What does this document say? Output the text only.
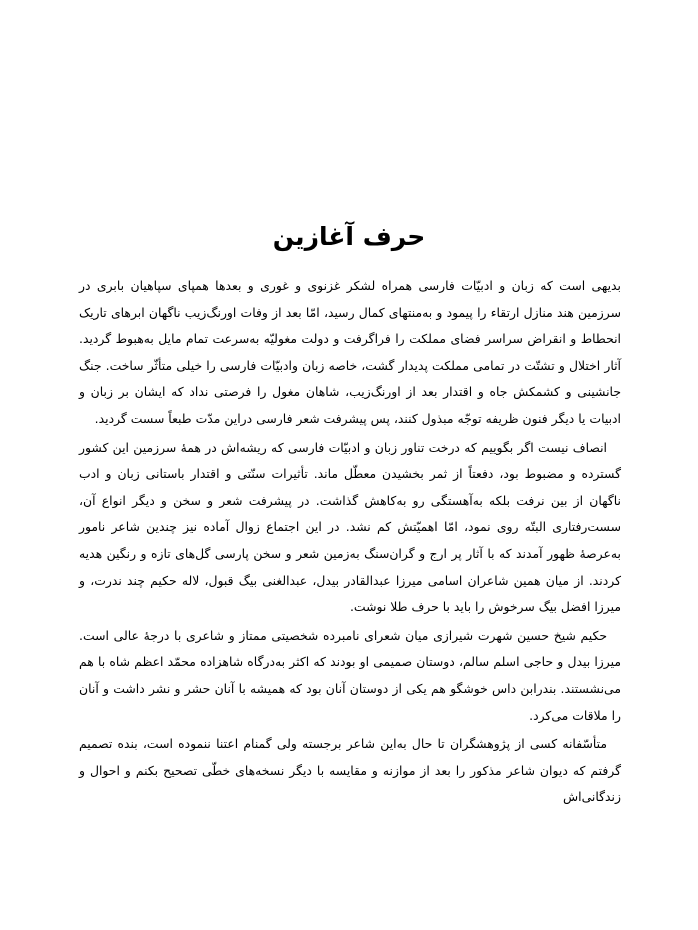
حرف آغازین

بدیهی است که زبان و ادبیّات فارسی همراه لشکر غزنوی و غوری و بعدها همپای سپاهیان بابری در سرزمین هند منازل ارتقاء را پیمود و به‌منتهای کمال رسید، امّا بعد از وفات اورنگ‌زیب ناگهان ابرهای تاریک انحطاط و انقراض سراسر فضای مملکت را فراگرفت و دولت مغولیّه به‌سرعت تمام مایل به‌هبوط گردید. آثار اختلال و تشتّت در تمامی مملکت پدیدار گشت، خاصه زبان وادبیّات فارسی را خیلی متأثّر ساخت. جنگ جانشینی و کشمکش جاه و اقتدار بعد از اورنگ‌زیب، شاهان مغول را فرصتی نداد که ایشان بر زبان و ادبیات یا دیگر فنون ظریفه توجّه مبذول کنند، پس پیشرفت شعر فارسی دراین مدّت طبعاً سست گردید.

انصاف نیست اگر بگوییم که درخت تناور زبان و ادبیّات فارسی که ریشه‌اش در همهٔ سرزمین این کشور گسترده و مضبوط بود، دفعتاً از ثمر بخشیدن معطّل ماند. تأثیرات سنّتی و اقتدار باستانی زبان و ادب ناگهان از بین نرفت بلکه به‌آهستگی رو به‌کاهش گذاشت. در پیشرفت شعر و سخن و دیگر انواع آن، سست‌رفتاری البتّه روی نمود، امّا اهمیّتش کم نشد. در این اجتماع زوال آماده نیز چندین شاعر نامور به‌عرصهٔ ظهور آمدند که با آثار پر ارج و گران‌سنگ به‌زمین شعر و سخن پارسی گل‌های تازه و رنگین هدیه کردند. از میان همین شاعران اسامی میرزا عبدالقادر بیدل، عبدالغنی بیگ قبول، لاله حکیم چند ندرت، و میرزا افضل بیگ سرخوش را باید با حرف طلا نوشت.

حکیم شیخ حسین شهرت شیرازی میان شعرای نامبرده شخصیتی ممتاز و شاعری با درجهٔ عالی است. میرزا بیدل و حاجی اسلم سالم، دوستان صمیمی او بودند که اکثر به‌درگاه شاهزاده محمّد اعظم شاه با هم می‌نشستند. بندرابن داس خوشگو هم یکی از دوستان آنان بود که همیشه با آنان حشر و نشر داشت و آنان را ملاقات می‌کرد.

متأسّفانه کسی از پژوهشگران تا حال به‌این شاعر برجسته ولی گمنام اعتنا ننموده است، بنده تصمیم گرفتم که دیوان شاعر مذکور را بعد از موازنه و مقایسه با دیگر نسخه‌های خطّی تصحیح بکنم و احوال و زندگانی‌اش
